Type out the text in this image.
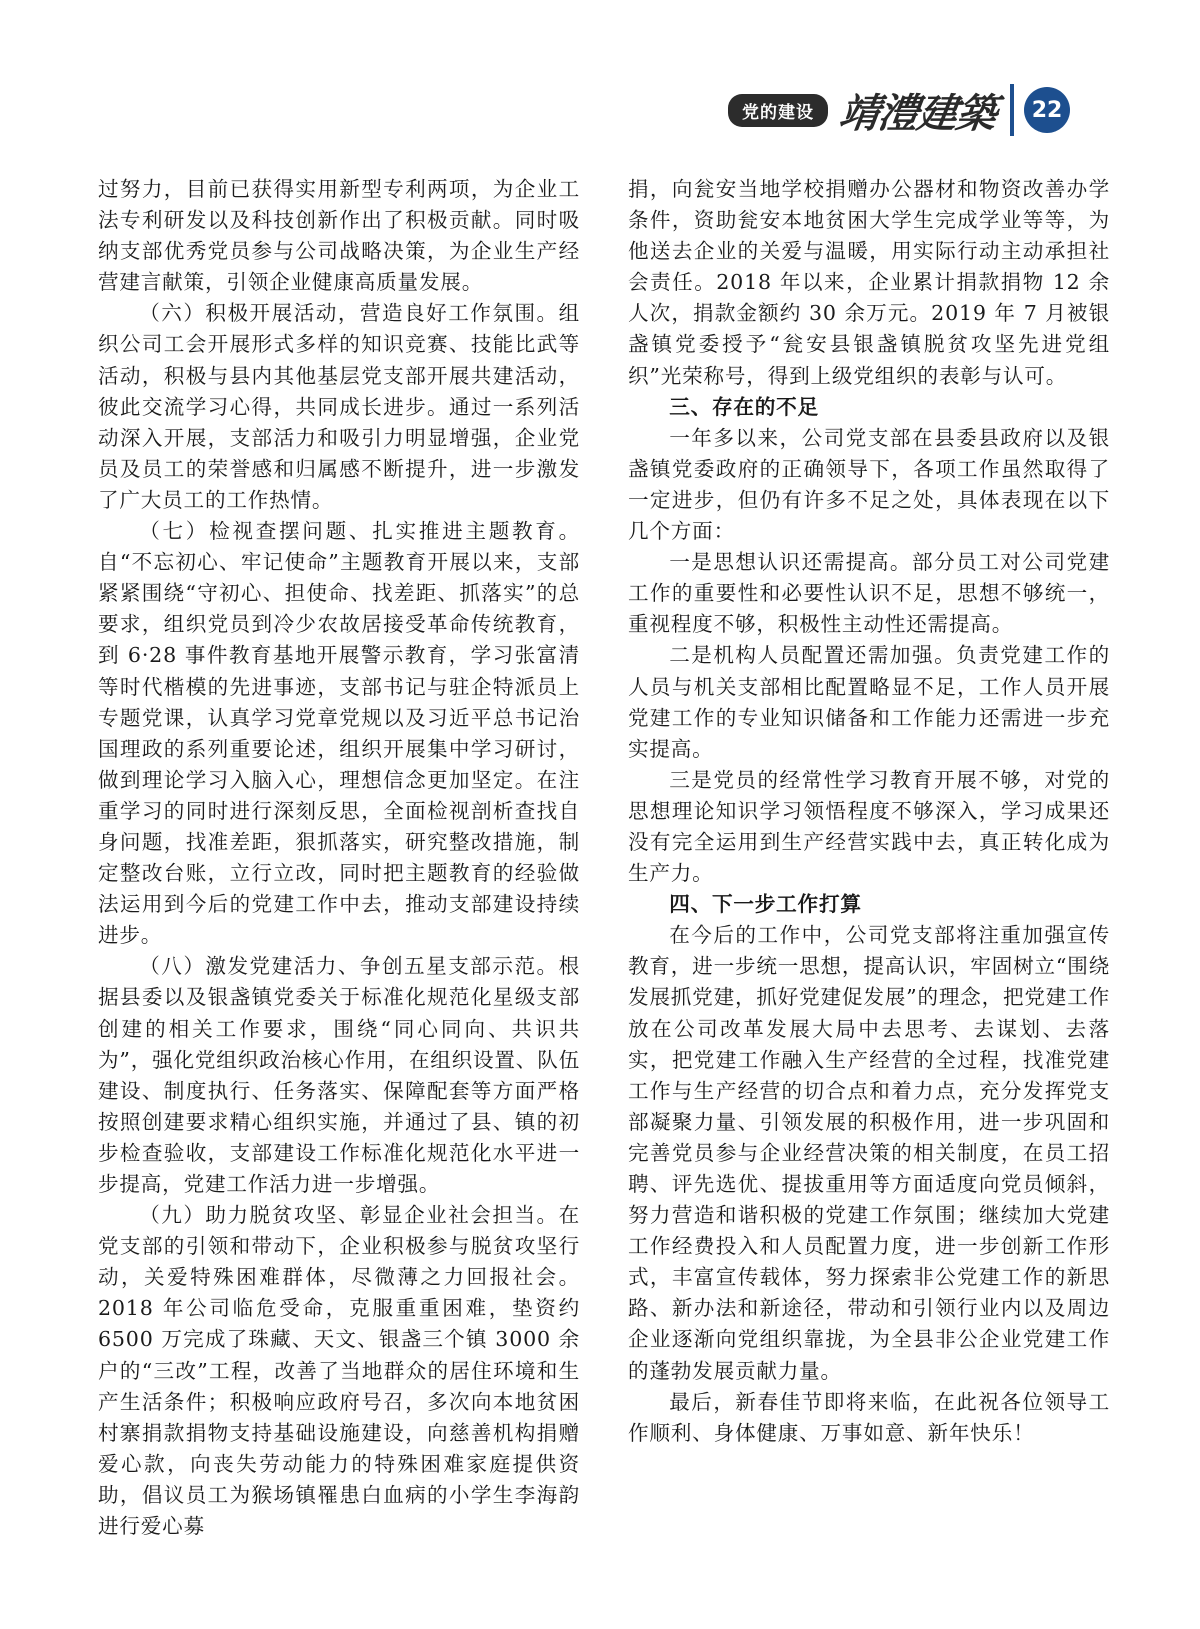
党的建设 靖澧建築	22

过努力，目前已获得实用新型专利两项，为企业工法专利研发以及科技创新作出了积极贡献。同时吸纳支部优秀党员参与公司战略决策，为企业生产经营建言献策，引领企业健康高质量发展。

（六）积极开展活动，营造良好工作氛围。组织公司工会开展形式多样的知识竞赛、技能比武等活动，积极与县内其他基层党支部开展共建活动，彼此交流学习心得，共同成长进步。通过一系列活动深入开展，支部活力和吸引力明显增强，企业党员及员工的荣誉感和归属感不断提升，进一步激发了广大员工的工作热情。

（七）检视查摆问题、扎实推进主题教育。自“不忘初心、牢记使命”主题教育开展以来，支部紧紧围绕“守初心、担使命、找差距、抓落实”的总要求，组织党员到冷少农故居接受革命传统教育，到 6·28 事件教育基地开展警示教育，学习张富清等时代楷模的先进事迹，支部书记与驻企特派员上专题党课，认真学习党章党规以及习近平总书记治国理政的系列重要论述，组织开展集中学习研讨，做到理论学习入脑入心，理想信念更加坚定。在注重学习的同时进行深刻反思，全面检视剖析查找自身问题，找准差距，狠抓落实，研究整改措施，制定整改台账，立行立改，同时把主题教育的经验做法运用到今后的党建工作中去，推动支部建设持续进步。

（八）激发党建活力、争创五星支部示范。根据县委以及银盏镇党委关于标准化规范化星级支部创建的相关工作要求，围绕“同心同向、共识共为”，强化党组织政治核心作用，在组织设置、队伍建设、制度执行、任务落实、保障配套等方面严格按照创建要求精心组织实施，并通过了县、镇的初步检查验收，支部建设工作标准化规范化水平进一步提高，党建工作活力进一步增强。

（九）助力脱贫攻坚、彰显企业社会担当。在党支部的引领和带动下，企业积极参与脱贫攻坚行动，关爱特殊困难群体，尽微薄之力回报社会。2018 年公司临危受命，克服重重困难，垫资约 6500 万完成了珠藏、天文、银盏三个镇 3000 余户的“三改”工程，改善了当地群众的居住环境和生产生活条件；积极响应政府号召，多次向本地贫困村寨捐款捐物支持基础设施建设，向慈善机构捐赠爱心款，向丧失劳动能力的特殊困难家庭提供资助，倡议员工为猴场镇罹患白血病的小学生李海韵进行爱心募

捐，向瓮安当地学校捐赠办公器材和物资改善办学条件，资助瓮安本地贫困大学生完成学业等等，为他送去企业的关爱与温暖，用实际行动主动承担社会责任。2018 年以来，企业累计捐款捐物 12 余人次，捐款金额约 30 余万元。2019 年 7 月被银盏镇党委授予“瓮安县银盏镇脱贫攻坚先进党组织”光荣称号，得到上级党组织的表彰与认可。

三、存在的不足

一年多以来，公司党支部在县委县政府以及银盏镇党委政府的正确领导下，各项工作虽然取得了一定进步，但仍有许多不足之处，具体表现在以下几个方面：

一是思想认识还需提高。部分员工对公司党建工作的重要性和必要性认识不足，思想不够统一，重视程度不够，积极性主动性还需提高。

二是机构人员配置还需加强。负责党建工作的人员与机关支部相比配置略显不足，工作人员开展党建工作的专业知识储备和工作能力还需进一步充实提高。

三是党员的经常性学习教育开展不够，对党的思想理论知识学习领悟程度不够深入，学习成果还没有完全运用到生产经营实践中去，真正转化成为生产力。

四、下一步工作打算

在今后的工作中，公司党支部将注重加强宣传教育，进一步统一思想，提高认识，牢固树立“围绕发展抓党建，抓好党建促发展”的理念，把党建工作放在公司改革发展大局中去思考、去谋划、去落实，把党建工作融入生产经营的全过程，找准党建工作与生产经营的切合点和着力点，充分发挥党支部凝聚力量、引领发展的积极作用，进一步巩固和完善党员参与企业经营决策的相关制度，在员工招聘、评先选优、提拔重用等方面适度向党员倾斜，努力营造和谐积极的党建工作氛围；继续加大党建工作经费投入和人员配置力度，进一步创新工作形式，丰富宣传载体，努力探索非公党建工作的新思路、新办法和新途径，带动和引领行业内以及周边企业逐渐向党组织靠拢，为全县非公企业党建工作的蓬勃发展贡献力量。

最后，新春佳节即将来临，在此祝各位领导工作顺利、身体健康、万事如意、新年快乐！
